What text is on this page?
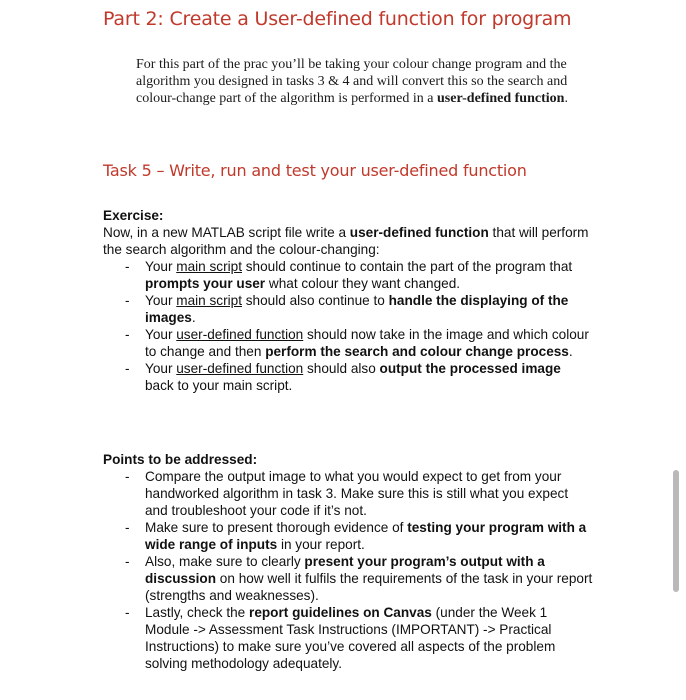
Part 2: Create a User-defined function for program
For this part of the prac you’ll be taking your colour change program and the algorithm you designed in tasks 3 & 4 and will convert this so the search and colour-change part of the algorithm is performed in a user-defined function.
Task 5 – Write, run and test your user-defined function
Exercise:

Now, in a new MATLAB script file write a user-defined function that will perform the search algorithm and the colour-changing:

- Your main script should continue to contain the part of the program that prompts your user what colour they want changed.
- Your main script should also continue to handle the displaying of the images.
- Your user-defined function should now take in the image and which colour to change and then perform the search and colour change process.
- Your user-defined function should also output the processed image back to your main script.
Points to be addressed:
- Compare the output image to what you would expect to get from your handworked algorithm in task 3. Make sure this is still what you expect and troubleshoot your code if it’s not.
- Make sure to present thorough evidence of testing your program with a wide range of inputs in your report.
- Also, make sure to clearly present your program’s output with a discussion on how well it fulfils the requirements of the task in your report (strengths and weaknesses).
- Lastly, check the report guidelines on Canvas (under the Week 1 Module -> Assessment Task Instructions (IMPORTANT) -> Practical Instructions) to make sure you’ve covered all aspects of the problem solving methodology adequately.
